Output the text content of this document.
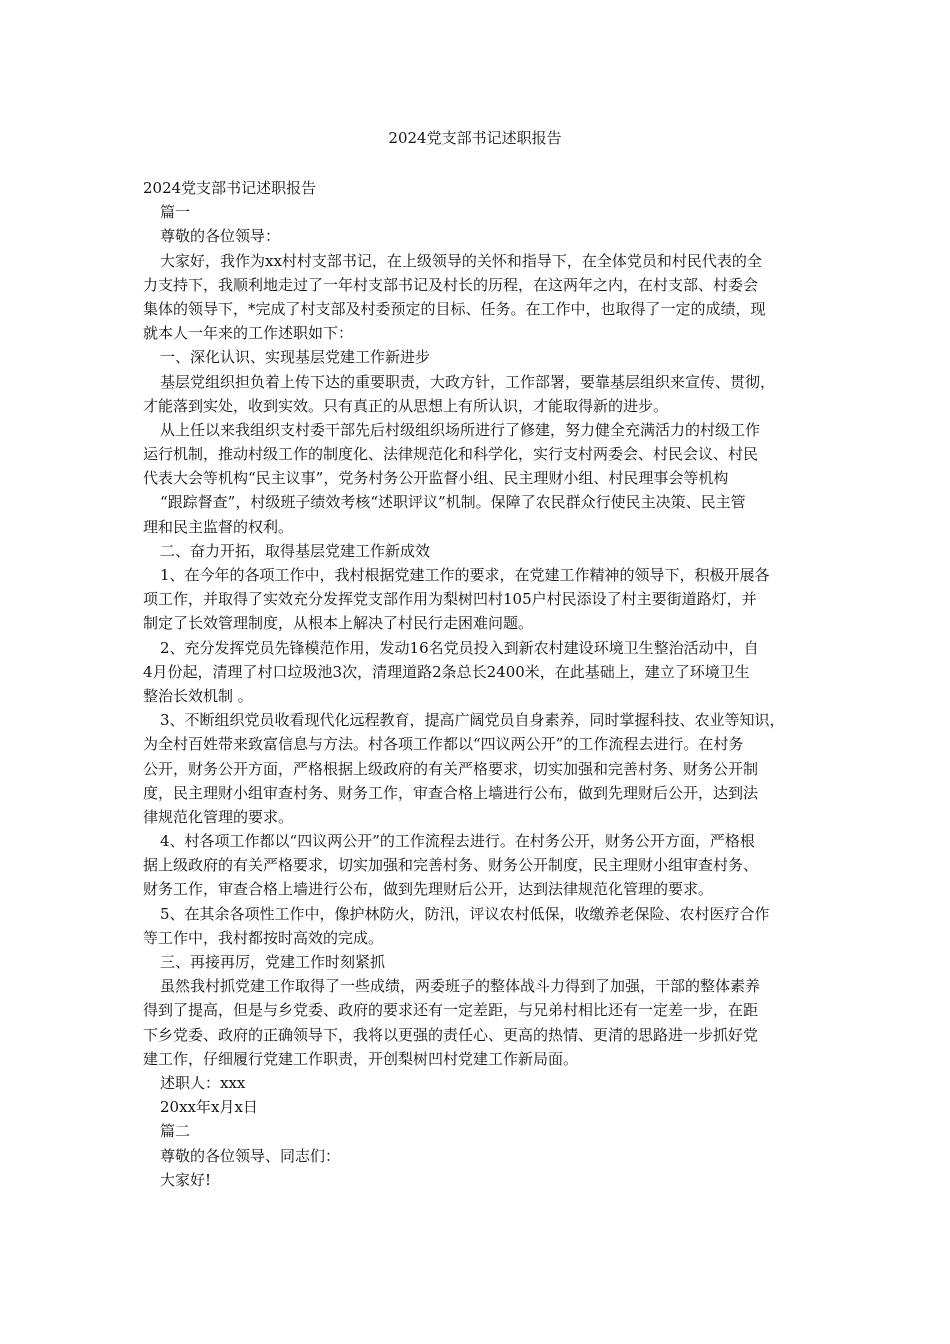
2024党支部书记述职报告
2024党支部书记述职报告
篇一
尊敬的各位领导：
大家好，我作为xx村村支部书记，在上级领导的关怀和指导下，在全体党员和村民代表的全
力支持下，我顺利地走过了一年村支部书记及村长的历程，在这两年之内，在村支部、村委会
集体的领导下，*完成了村支部及村委预定的目标、任务。在工作中，也取得了一定的成绩，现
就本人一年来的工作述职如下：
一、深化认识、实现基层党建工作新进步
基层党组织担负着上传下达的重要职责，大政方针，工作部署，要靠基层组织来宣传、贯彻，
才能落到实处，收到实效。只有真正的从思想上有所认识，才能取得新的进步。
从上任以来我组织支村委干部先后村级组织场所进行了修建，努力健全充满活力的村级工作
运行机制，推动村级工作的制度化、法律规范化和科学化，实行支村两委会、村民会议、村民
代表大会等机构“民主议事”，党务村务公开监督小组、民主理财小组、村民理事会等机构
“跟踪督查”，村级班子绩效考核“述职评议”机制。保障了农民群众行使民主决策、民主管
理和民主监督的权利。
二、奋力开拓，取得基层党建工作新成效
1、在今年的各项工作中，我村根据党建工作的要求，在党建工作精神的领导下，积极开展各
项工作，并取得了实效充分发挥党支部作用为梨树凹村105户村民添设了村主要街道路灯，并
制定了长效管理制度，从根本上解决了村民行走困难问题。
2、充分发挥党员先锋模范作用，发动16名党员投入到新农村建设环境卫生整治活动中，自
4月份起，清理了村口垃圾池3次，清理道路2条总长2400米，在此基础上，建立了环境卫生
整治长效机制 。
3、不断组织党员收看现代化远程教育，提高广阔党员自身素养，同时掌握科技、农业等知识，
为全村百姓带来致富信息与方法。村各项工作都以“四议两公开”的工作流程去进行。在村务
公开，财务公开方面，严格根据上级政府的有关严格要求，切实加强和完善村务、财务公开制
度，民主理财小组审查村务、财务工作，审查合格上墙进行公布，做到先理财后公开，达到法
律规范化管理的要求。
4、村各项工作都以“四议两公开”的工作流程去进行。在村务公开，财务公开方面，严格根
据上级政府的有关严格要求，切实加强和完善村务、财务公开制度，民主理财小组审查村务、
财务工作，审查合格上墙进行公布，做到先理财后公开，达到法律规范化管理的要求。
5、在其余各项性工作中，像护林防火，防汛，评议农村低保，收缴养老保险、农村医疗合作
等工作中，我村都按时高效的完成。
三、再接再厉，党建工作时刻紧抓
虽然我村抓党建工作取得了一些成绩，两委班子的整体战斗力得到了加强，干部的整体素养
得到了提高，但是与乡党委、政府的要求还有一定差距，与兄弟村相比还有一定差一步，在距
下乡党委、政府的正确领导下，我将以更强的责任心、更高的热情、更清的思路进一步抓好党
建工作，仔细履行党建工作职责，开创梨树凹村党建工作新局面。
述职人：xxx
20xx年x月x日
篇二
尊敬的各位领导、同志们：
大家好!
